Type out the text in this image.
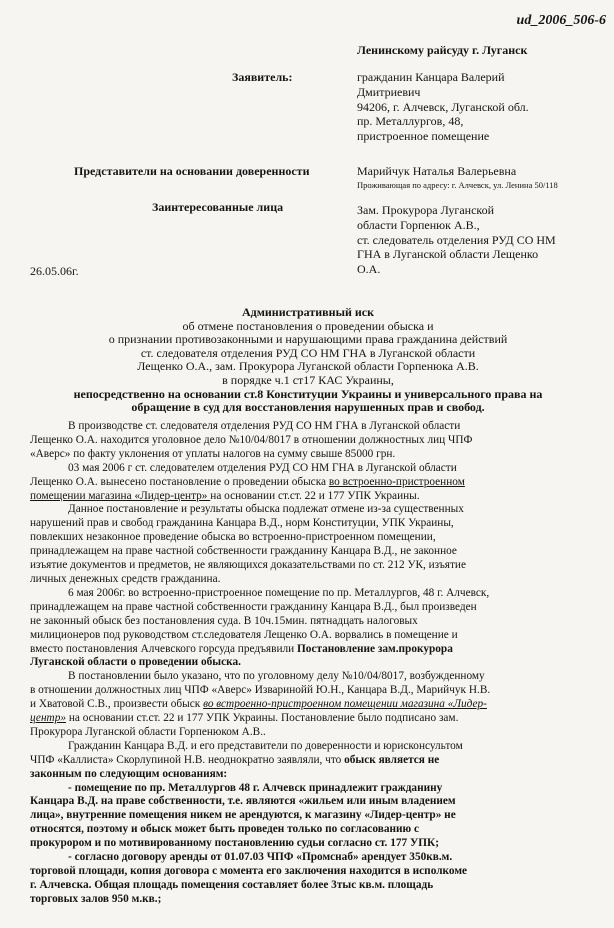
ud_2006_506-6
Ленинскому райсуду г. Луганск
Заявитель:	гражданин Канцара Валерий
Дмитриевич
94206, г. Алчевск, Луганской обл.
пр. Металлургов, 48,
пристроенное помещение
Представители на основании доверенности	Марийчук Наталья Валерьевна
Проживающая по адресу: г. Алчевск, ул. Ленина 50/118
Заинтересованные лица	Зам. Прокурора Луганской
области Горпенюк А.В.,
ст. следователь отделения РУД СО НМ
ГНА в Луганской области Лещенко
О.А.
26.05.06г.
Административный иск
об отмене постановления о проведении обыска и
о признании противозаконными и нарушающими права гражданина действий
ст. следователя отделения РУД СО НМ ГНА в Луганской области
Лещенко О.А., зам. Прокурора Луганской области Горпенюка А.В.
в порядке ч.1 ст17 КАС Украины,
непосредственно на основании ст.8 Конституции Украины и универсального права на
обращение в суд для восстановления нарушенных прав и свобод.
В производстве ст. следователя отделения РУД СО НМ ГНА в Луганской области
Лещенко О.А. находится уголовное дело №10/04/8017 в отношении должностных лиц ЧПФ
«Аверс» по факту уклонения от уплаты налогов на сумму свыше 85000 грн.
03 мая 2006 г ст. следователем отделения РУД СО НМ ГНА в Луганской области
Лещенко О.А. вынесено постановление о проведении обыска во встроенно-пристроенном
помещении магазина «Лидер-центр» на основании ст.ст. 22 и 177 УПК Украины.
Данное постановление и результаты обыска подлежат отмене из-за существенных
нарушений прав и свобод гражданина Канцара В.Д., норм Конституции, УПК Украины,
повлекших незаконное проведение обыска во встроенно-пристроенном помещении,
принадлежащем на праве частной собственности гражданину Канцара В.Д., не законное
изъятие документов и предметов, не являющихся доказательствами по ст. 212 УК, изъятие
личных денежных средств гражданина.
6 мая 2006г. во встроенно-пристроенное помещение по пр. Металлургов, 48 г. Алчевск,
принадлежащем на праве частной собственности гражданину Канцара В.Д., был произведен
не законный обыск без постановления суда. В 10ч.15мин. пятнадцать налоговых
милиционеров под руководством ст.следователя Лещенко О.А. ворвались в помещение и
вместо постановления Алчевского горсуда предъявили Постановление зам.прокурора
Луганской области о проведении обыска.
В постановлении было указано, что по уголовному делу №10/04/8017, возбужденному
в отношении должностных лиц ЧПФ «Аверс» Изваринойй Ю.Н., Канцара В.Д., Марийчук Н.В.
и Хватовой С.В., произвести обыск во встроенно-пристроенном помещении магазина «Лидер-
центр» на основании ст.ст. 22 и 177 УПК Украины. Постановление было подписано зам.
Прокурора Луганской области Горпенюком А.В..
Гражданин Канцара В.Д. и его представители по доверенности и юрисконсультом
ЧПФ «Каллиста» Скорлупиной Н.В. неоднократно заявляли, что обыск является не
законным по следующим основаниям:
- помещение по пр. Металлургов 48 г. Алчевск принадлежит гражданину
Канцара В.Д. на праве собственности, т.е. являются «жильем или иным владением
лица», внутренние помещения никем не арендуются, к магазину «Лидер-центр» не
относятся, поэтому и обыск может быть проведен только по согласованию с
прокурором и по мотивированному постановлению судьи согласно ст. 177 УПК;
- согласно договору аренды от 01.07.03 ЧПФ «Промснаб» арендует 350кв.м.
торговой площади, копия договора с момента его заключения находится в исполкоме
г. Алчевска. Общая площадь помещения составляет более 3тыс кв.м. площадь
торговых залов 950 м.кв.;
